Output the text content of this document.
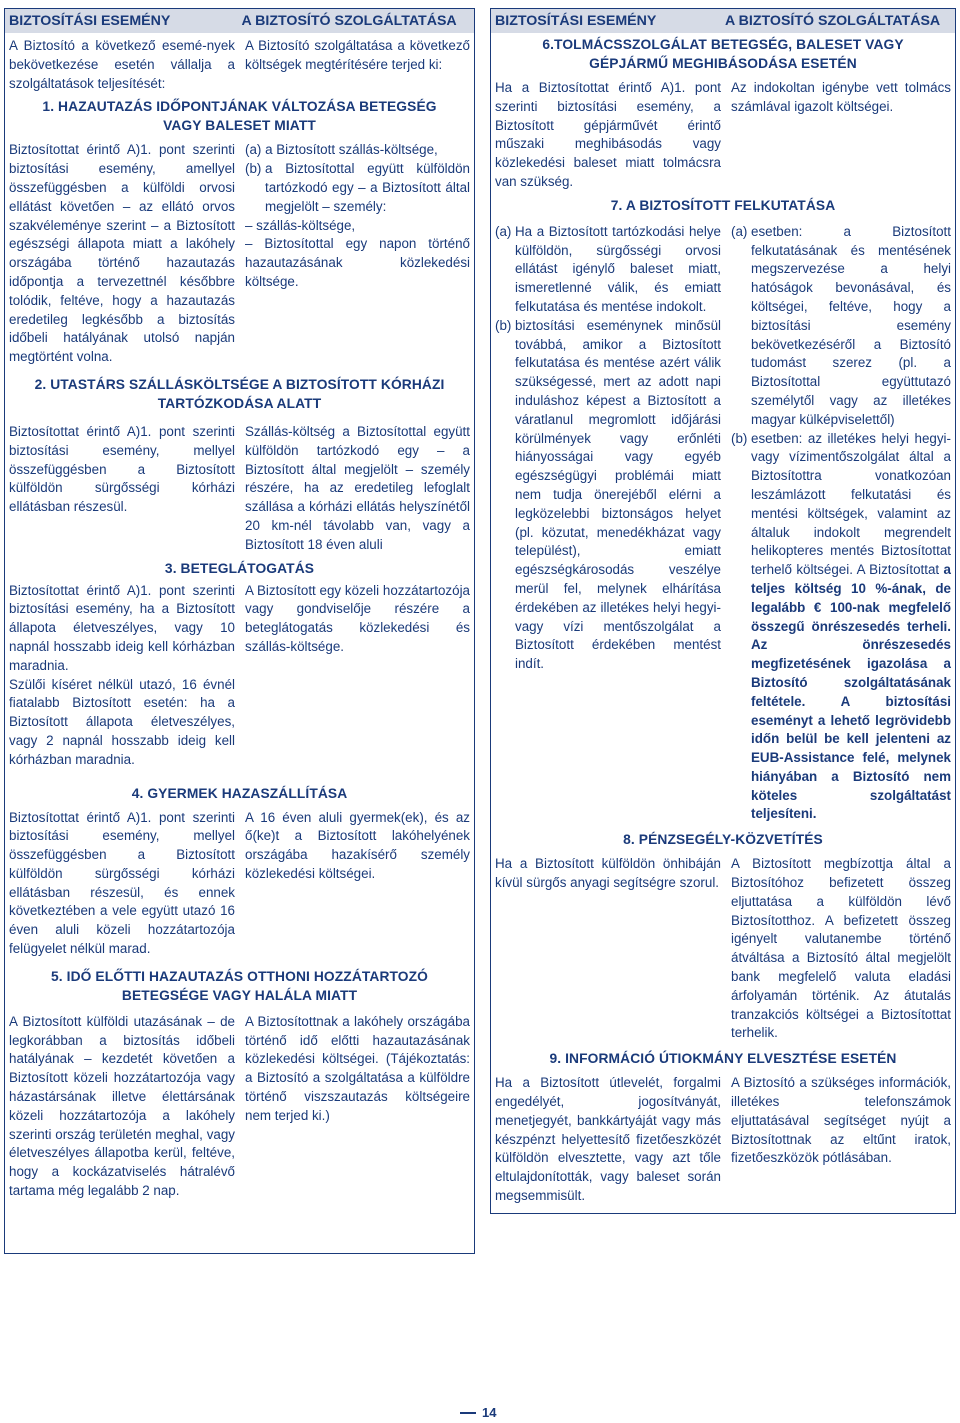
BIZTOSÍTÁSI ESEMÉNY	A BIZTOSÍTÓ SZOLGÁLTATÁSA
A Biztosító a következő esemé-nyek bekövetkezése esetén vállalja a szolgáltatások teljesítését:
A Biztosító szolgáltatása a következő költségek megtérítésére terjed ki:
1. HAZAUTAZÁS IDŐPONTJÁNAK VÁLTOZÁSA BETEGSÉG VAGY BALESET MIATT
Biztosítottat érintő A)1. pont szerinti biztosítási esemény, amellyel összefüggésben a külföldi orvosi ellátást követően – az ellátó orvos szakvéleménye szerint – a Biztosított egészségi állapota miatt a lakóhely országába történő hazautazás időpontja a tervezettnél későbbre tolódik, feltéve, hogy a hazautazás eredetileg legkésőbb a biztosítás időbeli hatályának utolsó napján megtörtént volna.

(a) a Biztosított szállás-költsége,

(b) a Biztosítottal együtt külföldön tartózkodó egy – a Biztosított által megjelölt – személy:

– szállás-költsége,

– Biztosítottal egy napon történő hazautazásának közlekedési költsége.

2. UTASTÁRS SZÁLLÁSKÖLTSÉGE A BIZTOSÍTOTT KÓRHÁZI TARTÓZKODÁSA ALATT
Biztosítottat érintő A)1. pont szerinti biztosítási esemény, mellyel összefüggésben a Biztosított külföldön sürgősségi kórházi ellátásban részesül.
Szállás-költség a Biztosítottal együtt külföldön tartózkodó egy – a Biztosított által megjelölt – személy részére, ha az eredetileg lefoglalt szállása a kórházi ellátás helyszínétől 20 km-nél távolabb van, vagy a Biztosított 18 éven aluli
3. BETEGLÁTOGATÁS

Biztosítottat érintő A)1. pont szerinti biztosítási esemény, ha a Biztosított állapota életveszélyes, vagy 10 napnál hosszabb ideig kell kórházban maradnia.

Szülői kíséret nélkül utazó, 16 évnél fiatalabb Biztosított esetén: ha a Biztosított állapota életveszélyes, vagy 2 napnál hosszabb ideig kell kórházban maradnia.

A Biztosított egy közeli hozzátartozója vagy gondviselője részére a beteglátogatás közlekedési és szállás-költsége.
4. GYERMEK HAZASZÁLLÍTÁSA
Biztosítottat érintő A)1. pont szerinti biztosítási esemény, mellyel összefüggésben a Biztosított külföldön sürgősségi kórházi ellátásban részesül, és ennek következtében a vele együtt utazó 16 éven aluli közeli hozzátartozója felügyelet nélkül marad.
A 16 éven aluli gyermek(ek), és az ő(ke)t a Biztosított lakóhelyének országába hazakísérő személy közlekedési költségei.
5. IDŐ ELŐTTI HAZAUTAZÁS OTTHONI HOZZÁTARTOZÓ BETEGSÉGE VAGY HALÁLA MIATT
A Biztosított külföldi utazásának – de legkorábban a biztosítás időbeli hatályának – kezdetét követően a Biztosított közeli hozzátartozója vagy házastársának illetve élettársának közeli hozzátartozója a lakóhely szerinti ország területén meghal, vagy életveszélyes állapotba kerül, feltéve, hogy a kockázatviselés hátralévő tartama még legalább 2 nap.
A Biztosítottnak a lakóhely országába történő idő előtti hazautazásának közlekedési költségei. (Tájékoztatás: a Biztosító a szolgáltatása a külföldre történő viszszautazás költségeire nem terjed ki.)
BIZTOSÍTÁSI ESEMÉNY	A BIZTOSÍTÓ SZOLGÁLTATÁSA
6.TOLMÁCSSZOLGÁLAT BETEGSÉG, BALESET VAGY GÉPJÁRMŰ MEGHIBÁSODÁSA ESETÉN
Ha a Biztosítottat érintő A)1. pont szerinti biztosítási esemény, a Biztosított gépjárművét érintő műszaki meghibásodás vagy közlekedési baleset miatt tolmácsra van szükség.
Az indokoltan igénybe vett tolmács számlával igazolt költségei.
7. A BIZTOSÍTOTT FELKUTATÁSA
(a) Ha a Biztosított tartózkodási helye külföldön, sürgősségi orvosi ellátást igénylő baleset miatt, ismeretlenné válik, és emiatt felkutatása és mentése indokolt.
(b) biztosítási eseménynek minősül továbbá, amikor a Biztosított felkutatása és mentése azért válik szükségessé, mert az adott napi induláshoz képest a Biztosított a váratlanul megromlott időjárási körülmények vagy erőnléti hiányosságai vagy egyéb egészségügyi problémái miatt nem tudja önerejéből elérni a legközelebbi biztonságos helyet (pl. közutat, menedékházat vagy települést), emiatt egészségkárosodás veszélye merül fel, melynek elhárítása érdekében az illetékes helyi hegyi- vagy vízi mentőszolgálat a Biztosított érdekében mentést indít.
(a) esetben: a Biztosított felkutatásának és mentésének megszervezése a helyi hatóságok bevonásával, és költségei, feltéve, hogy a biztosítási esemény bekövetkezéséről a Biztosító tudomást szerez (pl. a Biztosítottal együttutazó személytől vagy az illetékes magyar külképviselettől)
(b) esetben: az illetékes helyi hegyi- vagy vízimentőszolgálat által a Biztosítottra vonatkozóan leszámlázott felkutatási és mentési költségek, valamint az általuk indokolt megrendelt helikopteres mentés Biztosítottat terhelő költségei. A Biztosítottat a teljes költség 10 %-ának, de legalább € 100-nak megfelelő összegű önrészesedés terheli. Az önrészesedés megfizetésének igazolása a Biztosító szolgáltatásának feltétele. A biztosítási eseményt a lehető legrövidebb időn belül be kell jelenteni az EUB-Assistance felé, melynek hiányában a Biztosító nem köteles szolgáltatást teljesíteni.
8. PÉNZSEGÉLY-KÖZVETÍTÉS
Ha a Biztosított külföldön önhibáján kívül sürgős anyagi segítségre szorul.
A Biztosított megbízottja által a Biztosítóhoz befizetett összeg eljuttatása a külföldön lévő Biztosítotthoz. A befizetett összeg igényelt valutanembe történő átváltása a Biztosító által megjelölt bank megfelelő valuta eladási árfolyamán történik. Az átutalás tranzakciós költségei a Biztosítottat terhelik.
9. INFORMÁCIÓ ÚTIOKMÁNY ELVESZTÉSE ESETÉN
Ha a Biztosított útlevelét, forgalmi engedélyét, jogosítványát, menetjegyét, bankkártyáját vagy más készpénzt helyettesítő fizetőeszközét külföldön elvesztette, vagy azt tőle eltulajdonították, vagy baleset során megsemmisült.
A Biztosító a szükséges információk, illetékes telefonszámok eljuttatásával segítséget nyújt a Biztosítottnak az eltűnt iratok, fizetőeszközök pótlásában.
14
